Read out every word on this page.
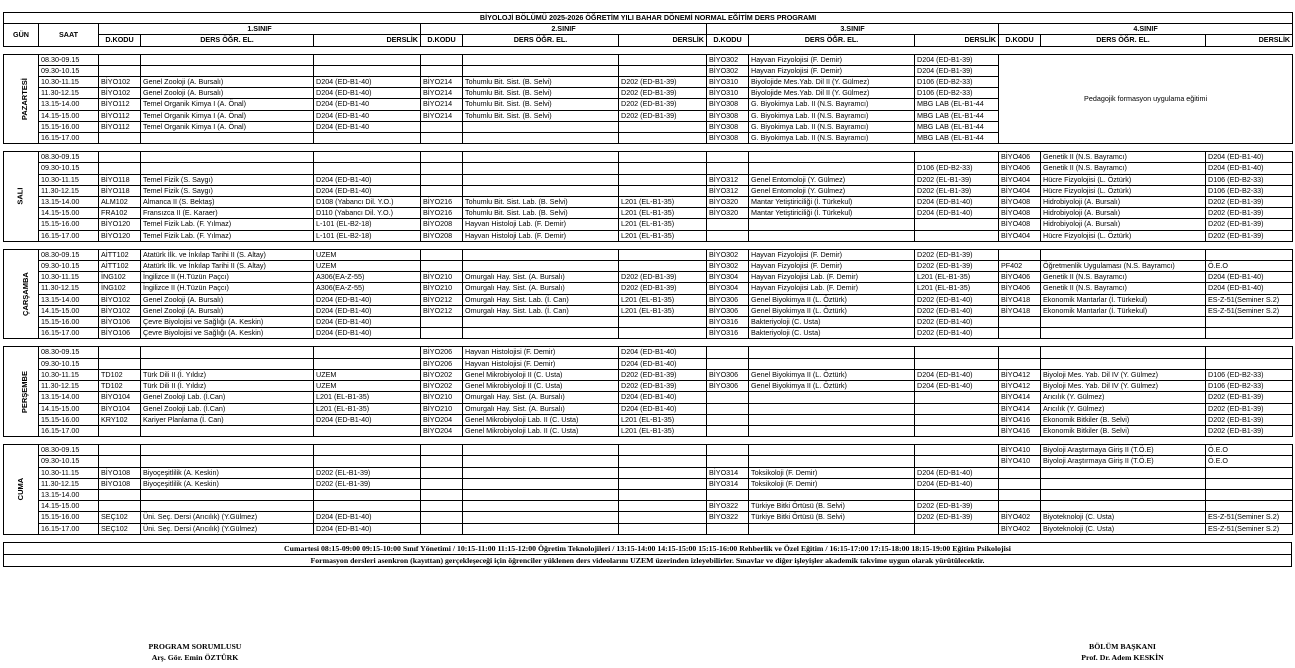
BİYOLOJİ BÖLÜMÜ 2025-2026 ÖĞRETİM YILI BAHAR DÖNEMİ NORMAL EĞİTİM DERS PROGRAMI													
GÜN	SAAT	1.SINIF			2.SINIF			3.SINIF			4.SINIF		
		D.KODU	DERS ÖĞR. EL.	DERSLİK	D.KODU	DERS ÖĞR. EL.	DERSLİK	D.KODU	DERS ÖĞR. EL.	DERSLİK	D.KODU	DERS ÖĞR. EL.	DERSLİK

PAZARTESİ	08.30-09.15							BİYO302	Hayvan Fizyolojisi (F. Demir)	D204 (ED-B1-39)	Pedagojik formasyon uygulama eğitimi		
	09.30-10.15							BİYO302	Hayvan Fizyolojisi (F. Demir)	D204 (ED-B1-39)			
	10.30-11.15	BİYO102	Genel Zooloji (A. Bursalı)	D204 (ED-B1-40)	BİYO214	Tohumlu Bit. Sist. (B. Selvi)	D202 (ED-B1-39)	BİYO310	Biyolojide Mes.Yab. Dil II (Y. Gülmez)	D106 (ED-B2-33)			
	11.30-12.15	BİYO102	Genel Zooloji (A. Bursalı)	D204 (ED-B1-40)	BİYO214	Tohumlu Bit. Sist. (B. Selvi)	D202 (ED-B1-39)	BİYO310	Biyolojide Mes.Yab. Dil II (Y. Gülmez)	D106 (ED-B2-33)			
	13.15-14.00	BİYO112	Temel Organik Kimya I (A. Önal)	D204 (ED-B1-40	BİYO214	Tohumlu Bit. Sist. (B. Selvi)	D202 (ED-B1-39)	BİYO308	G. Biyokimya Lab. II (N.S. Bayramcı)	MBG LAB (EL-B1-44			
	14.15-15.00	BİYO112	Temel Organik Kimya I (A. Önal)	D204 (ED-B1-40	BİYO214	Tohumlu Bit. Sist. (B. Selvi)	D202 (ED-B1-39)	BİYO308	G. Biyokimya Lab. II (N.S. Bayramcı)	MBG LAB (EL-B1-44			
	15.15-16.00	BİYO112	Temel Organik Kimya I (A. Önal)	D204 (ED-B1-40				BİYO308	G. Biyokimya Lab. II (N.S. Bayramcı)	MBG LAB (EL-B1-44			
	16.15-17.00							BİYO308	G. Biyokimya Lab. II (N.S. Bayramcı)	MBG LAB (EL-B1-44			

SALI	08.30-09.15										BİYO406	Genetik II (N.S. Bayramcı)	D204 (ED-B1-40)
	09.30-10.15									D106 (ED-B2-33)	BİYO406	Genetik II (N.S. Bayramcı)	D204 (ED-B1-40)
	10.30-11.15	BİYO118	Temel Fizik (S. Saygı)	D204 (ED-B1-40)				BİYO312	Genel Entomoloji (Y. Gülmez)	D202 (EL-B1-39)	BİYO404	Hücre Fizyolojisi (L. Öztürk)	D106 (ED-B2-33)
	11.30-12.15	BİYO118	Temel Fizik (S. Saygı)	D204 (ED-B1-40)				BİYO312	Genel Entomoloji (Y. Gülmez)	D202 (EL-B1-39)	BİYO404	Hücre Fizyolojisi (L. Öztürk)	D106 (ED-B2-33)
	13.15-14.00	ALM102	Almanca II (S. Bektaş)	D108 (Yabancı Dil. Y.O.)	BİYO216	Tohumlu Bit. Sist. Lab. (B. Selvi)	L201 (EL-B1-35)	BİYO320	Mantar Yetiştiriciliği (İ. Türkekul)	D204 (ED-B1-40)	BİYO408	Hidrobiyoloji (A. Bursalı)	D202 (ED-B1-39)
	14.15-15.00	FRA102	Fransızca II (E. Karaer)	D110 (Yabancı Dil. Y.O.)	BİYO216	Tohumlu Bit. Sist. Lab. (B. Selvi)	L201 (EL-B1-35)	BİYO320	Mantar Yetiştiriciliği (İ. Türkekul)	D204 (ED-B1-40)	BİYO408	Hidrobiyoloji (A. Bursalı)	D202 (ED-B1-39)
	15.15-16.00	BİYO120	Temel Fizik Lab. (F. Yılmaz)	L-101 (EL-B2-18)	BİYO208	Hayvan Histoloji Lab. (F. Demir)	L201 (EL-B1-35)				BİYO408	Hidrobiyoloji (A. Bursalı)	D202 (ED-B1-39)
	16.15-17.00	BİYO120	Temel Fizik Lab. (F. Yılmaz)	L-101 (EL-B2-18)	BİYO208	Hayvan Histoloji Lab. (F. Demir)	L201 (EL-B1-35)				BİYO404	Hücre Fizyolojisi (L. Öztürk)	D202 (ED-B1-39)

ÇARŞAMBA	08.30-09.15	AİTT102	Atatürk İlk. ve İnkılap Tarihi II (S. Altay)	UZEM				BİYO302	Hayvan Fizyolojisi (F. Demir)	D202 (ED-B1-39)			
	09.30-10.15	AİTT102	Atatürk İlk. ve İnkılap Tarihi II (S. Altay)	UZEM				BİYO302	Hayvan Fizyolojisi (F. Demir)	D202 (ED-B1-39)	PF402	Öğretmenlik Uygulaması (N.S. Bayramcı)	Ö.E.O
	10.30-11.15	İNG102	İngilizce II (H.Tüzün Paçcı)	A306(EA-Z-55)	BİYO210	Omurgalı Hay. Sist. (A. Bursalı)	D202 (ED-B1-39)	BİYO304	Hayvan Fizyolojisi Lab. (F. Demir)	L201 (EL-B1-35)	BİYO406	Genetik II (N.S. Bayramcı)	D204 (ED-B1-40)
	11.30-12.15	İNG102	İngilizce II (H.Tüzün Paçcı)	A306(EA-Z-55)	BİYO210	Omurgalı Hay. Sist. (A. Bursalı)	D202 (ED-B1-39)	BİYO304	Hayvan Fizyolojisi Lab. (F. Demir)	L201 (EL-B1-35)	BİYO406	Genetik II (N.S. Bayramcı)	D204 (ED-B1-40)
	13.15-14.00	BİYO102	Genel Zooloji (A. Bursalı)	D204 (ED-B1-40)	BİYO212	Omurgalı Hay. Sist. Lab. (İ. Can)	L201 (EL-B1-35)	BİYO306	Genel Biyokimya II (L. Öztürk)	D202 (ED-B1-40)	BİYO418	Ekonomik Mantarlar (İ. Türkekul)	ES-Z-51(Seminer S.2)
	14.15-15.00	BİYO102	Genel Zooloji (A. Bursalı)	D204 (ED-B1-40)	BİYO212	Omurgalı Hay. Sist. Lab. (İ. Can)	L201 (EL-B1-35)	BİYO306	Genel Biyokimya II (L. Öztürk)	D202 (ED-B1-40)	BİYO418	Ekonomik Mantarlar (İ. Türkekul)	ES-Z-51(Seminer S.2)
	15.15-16.00	BİYO106	Çevre Biyolojisi ve Sağlığı (A. Keskin)	D204 (ED-B1-40)				BİYO316	Bakteriyoloji (C. Usta)	D202 (ED-B1-40)			
	16.15-17.00	BİYO106	Çevre Biyolojisi ve Sağlığı (A. Keskin)	D204 (ED-B1-40)				BİYO316	Bakteriyoloji (C. Usta)	D202 (ED-B1-40)			

PERŞEMBE	08.30-09.15				BİYO206	Hayvan Histolojisi (F. Demir)	D204 (ED-B1-40)						
	09.30-10.15				BİYO206	Hayvan Histolojisi (F. Demir)	D204 (ED-B1-40)						
	10.30-11.15	TD102	Türk Dili II (İ. Yıldız)	UZEM	BİYO202	Genel Mikrobiyoloji II (C. Usta)	D202 (ED-B1-39)	BİYO306	Genel Biyokimya II (L. Öztürk)	D204 (ED-B1-40)	BİYO412	Biyoloji Mes. Yab. Dil IV (Y. Gülmez)	D106 (ED-B2-33)
	11.30-12.15	TD102	Türk Dili II (İ. Yıldız)	UZEM	BİYO202	Genel Mikrobiyoloji II (C. Usta)	D202 (ED-B1-39)	BİYO306	Genel Biyokimya II (L. Öztürk)	D204 (ED-B1-40)	BİYO412	Biyoloji Mes. Yab. Dil IV (Y. Gülmez)	D106 (ED-B2-33)
	13.15-14.00	BİYO104	Genel Zooloji Lab. (İ.Can)	L201 (EL-B1-35)	BİYO210	Omurgalı Hay. Sist. (A. Bursalı)	D204 (ED-B1-40)				BİYO414	Arıcılık (Y. Gülmez)	D202 (ED-B1-39)
	14.15-15.00	BİYO104	Genel Zooloji Lab. (İ.Can)	L201 (EL-B1-35)	BİYO210	Omurgalı Hay. Sist. (A. Bursalı)	D204 (ED-B1-40)				BİYO414	Arıcılık (Y. Gülmez)	D202 (ED-B1-39)
	15.15-16.00	KRY102	Kariyer Planlama (İ. Can)	D204 (ED-B1-40)	BİYO204	Genel Mikrobiyoloji Lab. II (C. Usta)	L201 (EL-B1-35)				BİYO416	Ekonomik Bitkiler (B. Selvi)	D202 (ED-B1-39)
	16.15-17.00				BİYO204	Genel Mikrobiyoloji Lab. II (C. Usta)	L201 (EL-B1-35)				BİYO416	Ekonomik Bitkiler (B. Selvi)	D202 (ED-B1-39)

CUMA	08.30-09.15										BİYO410	Biyoloji Araştırmaya Giriş II (T.Ö.E)	Ö.E.O
	09.30-10.15										BİYO410	Biyoloji Araştırmaya Giriş II (T.Ö.E)	Ö.E.O
	10.30-11.15	BİYO108	Biyoçeşitlilik (A. Keskin)	D202 (EL-B1-39)				BİYO314	Toksikoloji (F. Demir)	D204 (ED-B1-40)			
	11.30-12.15	BİYO108	Biyoçeşitlilik (A. Keskin)	D202 (EL-B1-39)				BİYO314	Toksikoloji (F. Demir)	D204 (ED-B1-40)			
	13.15-14.00												
	14.15-15.00							BİYO322	Türkiye Bitki Örtüsü (B. Selvi)	D202 (ED-B1-39)			
	15.15-16.00	SEÇ102	Üni. Seç. Dersi (Arıcılık) (Y.Gülmez)	D204 (ED-B1-40)				BİYO322	Türkiye Bitki Örtüsü (B. Selvi)	D202 (ED-B1-39)	BİYO402	Biyoteknoloji (C. Usta)	ES-Z-51(Seminer S.2)
	16.15-17.00	SEÇ102	Üni. Seç. Dersi (Arıcılık) (Y.Gülmez)	D204 (ED-B1-40)							BİYO402	Biyoteknoloji (C. Usta)	ES-Z-51(Seminer S.2)
Cumartesi 08:15-09:00 09:15-10:00 Sınıf Yönetimi / 10:15-11:00 11:15-12:00 Öğretim Teknolojileri / 13:15-14:00 14:15-15:00 15:15-16:00 Rehberlik ve Özel Eğitim / 16:15-17:00 17:15-18:00 18:15-19:00 Eğitim Psikolojisi
Formasyon dersleri asenkron (kayıttan) gerçekleşeceği için öğrenciler yüklenen ders videolarını UZEM üzerinden izleyebilirler. Sınavlar ve diğer işleyişler akademik takvime uygun olarak yürütülecektir.
PROGRAM SORUMLUSU
Arş. Gör. Emin ÖZTÜRK
BÖLÜM BAŞKANI
Prof. Dr. Adem KESKİN
